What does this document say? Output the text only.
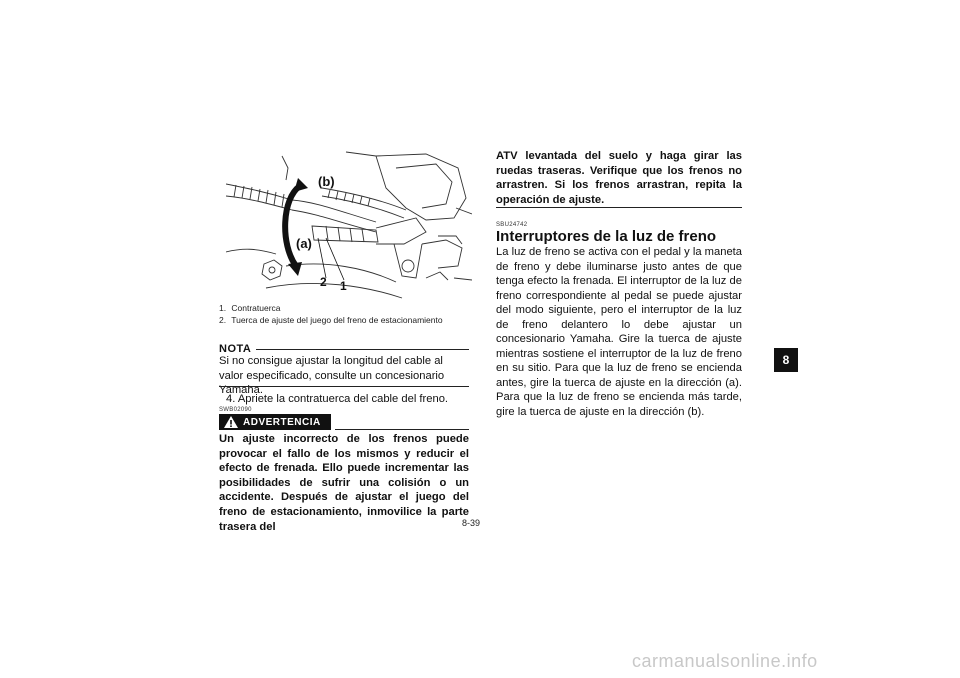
(b)
(a)
2 1
1. Contratuerca
2. Tuerca de ajuste del juego del freno de estacionamiento
NOTA
Si no consigue ajustar la longitud del cable al valor especificado, consulte un concesionario Yamaha.
4. Apriete la contratuerca del cable del freno.
SWB02090
ADVERTENCIA
Un ajuste incorrecto de los frenos puede provocar el fallo de los mismos y reducir el efecto de frenada. Ello puede incrementar las posibilidades de sufrir una colisión o un accidente. Después de ajustar el juego del freno de estacionamiento, inmovilice la parte trasera del	8-39
ATV levantada del suelo y haga girar las ruedas traseras. Verifique que los frenos no arrastren. Si los frenos arrastran, repita la operación de ajuste.
SBU24742
Interruptores de la luz de freno
La luz de freno se activa con el pedal y la maneta de freno y debe iluminarse justo antes de que tenga efecto la frenada. El interruptor de la luz de freno correspondiente al pedal se puede ajustar del modo siguiente, pero el interruptor de la luz de freno delantero lo debe ajustar un concesionario Yamaha. Gire la tuerca de ajuste mientras sostiene el interruptor de la luz de freno en su sitio. Para que la luz de freno se encienda antes, gire la tuerca de ajuste en la dirección (a). Para que la luz de freno se encienda más tarde, gire la tuerca de ajuste en la dirección (b).
8
carmanualsonline.info
